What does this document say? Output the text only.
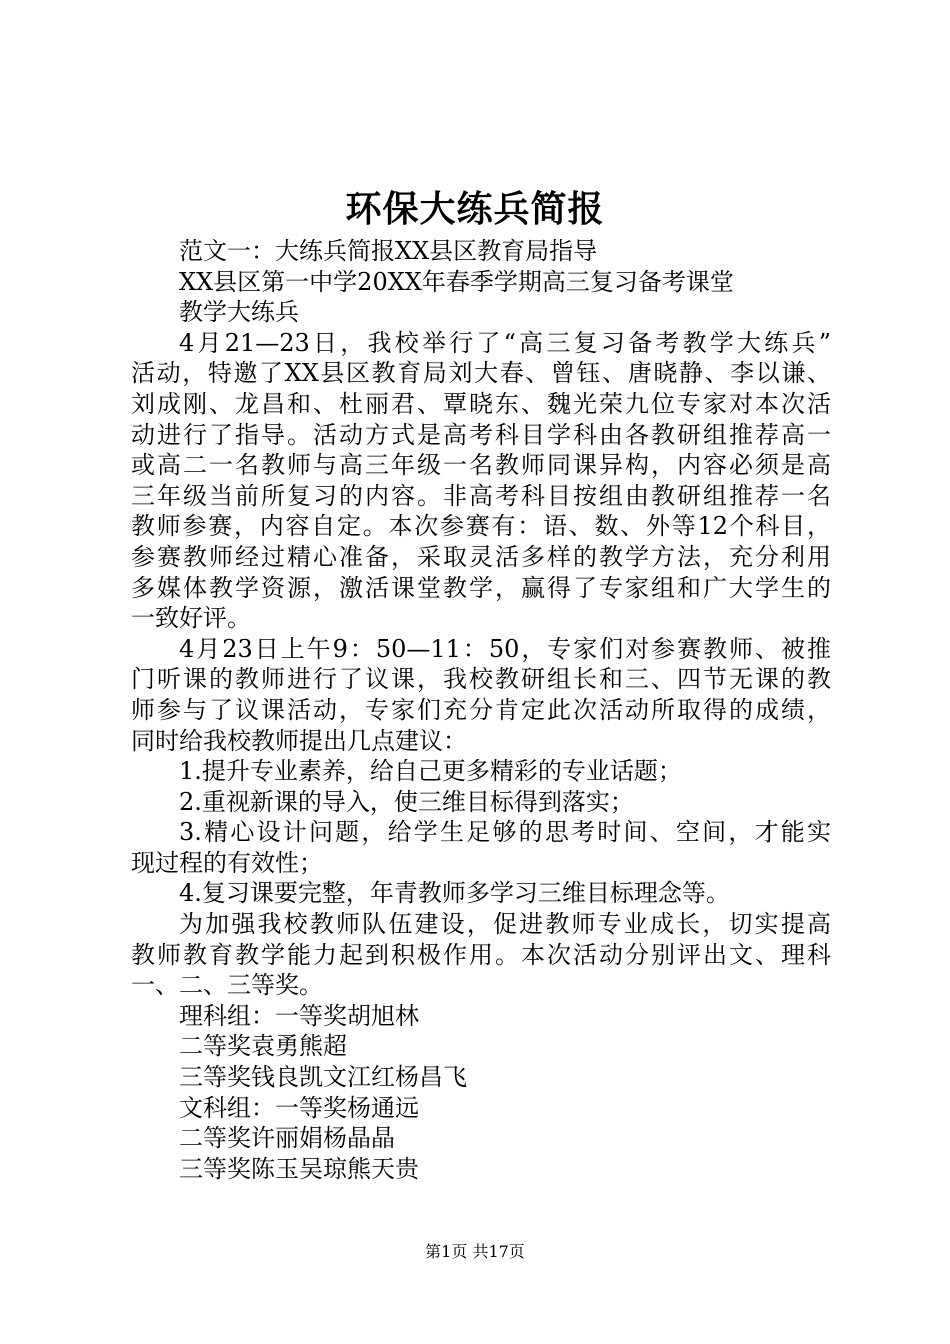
环保大练兵简报
范文一：大练兵简报XX县区教育局指导
XX县区第一中学20XX年春季学期高三复习备考课堂
教学大练兵
4月21—23日，我校举行了“高三复习备考教学大练兵”
活动，特邀了XX县区教育局刘大春、曾钰、唐晓静、李以谦、
刘成刚、龙昌和、杜丽君、覃晓东、魏光荣九位专家对本次活
动进行了指导。活动方式是高考科目学科由各教研组推荐高一
或高二一名教师与高三年级一名教师同课异构，内容必须是高
三年级当前所复习的内容。非高考科目按组由教研组推荐一名
教师参赛，内容自定。本次参赛有：语、数、外等12个科目，
参赛教师经过精心准备，采取灵活多样的教学方法，充分利用
多媒体教学资源，激活课堂教学，赢得了专家组和广大学生的
一致好评。
4月23日上午9：50—11：50，专家们对参赛教师、被推
门听课的教师进行了议课，我校教研组长和三、四节无课的教
师参与了议课活动，专家们充分肯定此次活动所取得的成绩，
同时给我校教师提出几点建议：
1.提升专业素养，给自己更多精彩的专业话题；
2.重视新课的导入，使三维目标得到落实；
3.精心设计问题，给学生足够的思考时间、空间，才能实
现过程的有效性；
4.复习课要完整，年青教师多学习三维目标理念等。
为加强我校教师队伍建设，促进教师专业成长，切实提高
教师教育教学能力起到积极作用。本次活动分别评出文、理科
一、二、三等奖。
理科组：一等奖胡旭林
二等奖袁勇熊超
三等奖钱良凯文江红杨昌飞
文科组：一等奖杨通远
二等奖许丽娟杨晶晶
三等奖陈玉吴琼熊天贵
第1页 共17页
